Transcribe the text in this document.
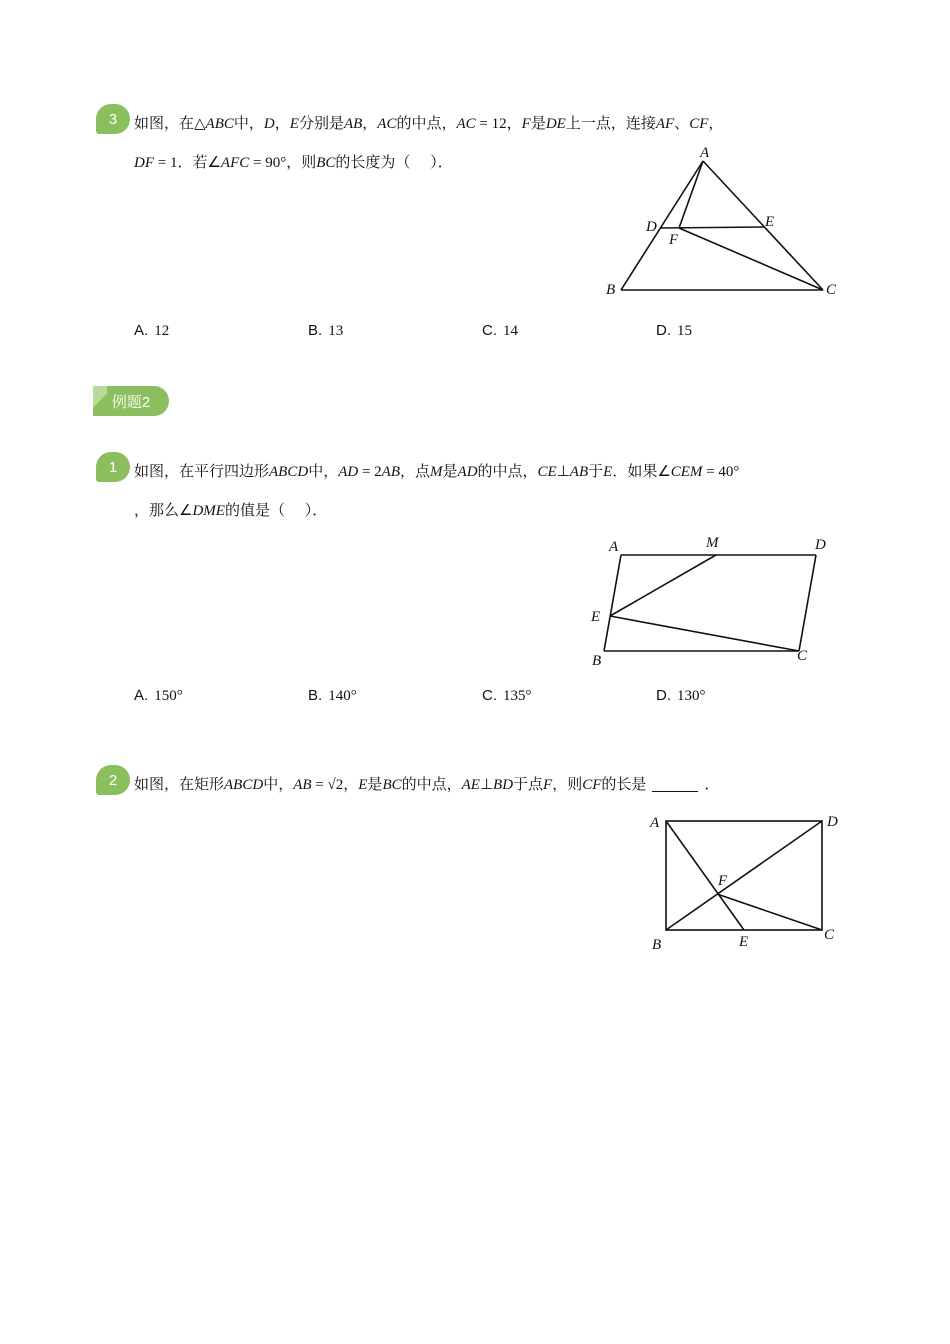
3 如图，在△ABC中，D，E分别是AB，AC的中点，AC = 12，F是DE上一点，连接AF、CF，
DF = 1．若∠AFC = 90°，则BC的长度为（　 ）．	A
D	E
F
B	C
A. 12	B. 13	C. 14	D. 15
例题2
1 如图，在平行四边形ABCD中，AD = 2AB，点M是AD的中点，CE⊥AB于E．如果∠CEM = 40°
，那么∠DME的值是（　 ）．
A	M	D
E
B	C
A. 150°	B. 140°	C. 135°	D. 130°
2 如图，在矩形ABCD中，AB = √2，E是BC的中点，AE⊥BD于点F，则CF的长是	．
A	D
F
B	E	C
